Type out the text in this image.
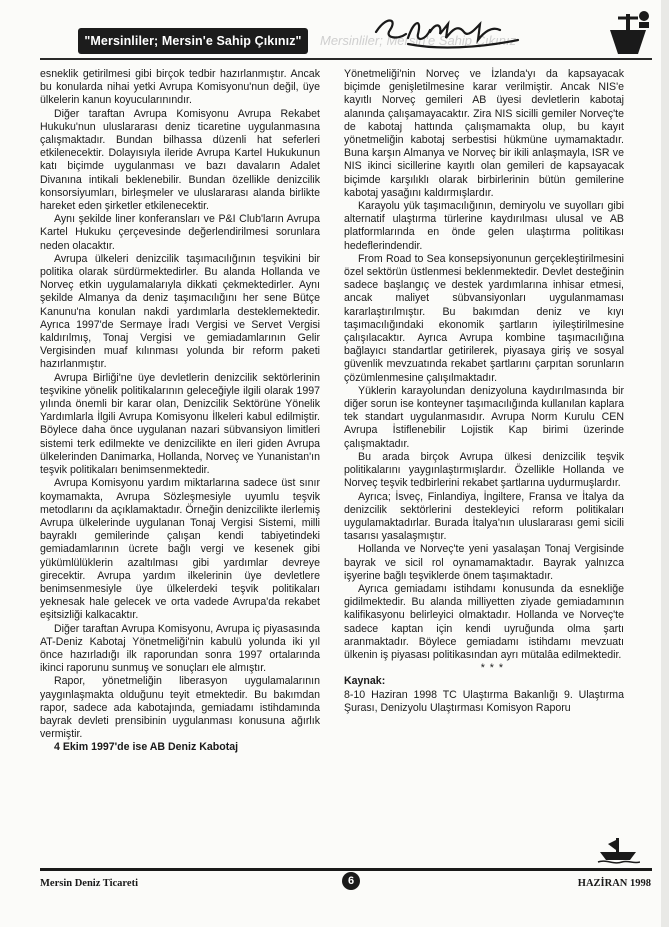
"Mersinliler; Mersin'e Sahip Çıkınız"	Mersinliler; Mersin'e Sahip Çıkınız

esneklik getirilmesi gibi birçok tedbir hazırlanmıştır. Ancak bu konularda nihai yetki Avrupa Komisyonu'nun değil, üye ülkelerin kanun koyucularınındır.

Diğer taraftan Avrupa Komisyonu Avrupa Rekabet Hukuku'nun uluslararası deniz ticaretine uygulanmasına çalışmaktadır. Bundan bilhassa düzenli hat seferleri etkilenecektir. Dolayısıyla ileride Avrupa Kartel Hukukunun katı biçimde uygulanması ve bazı davaların Adalet Divanına intikali beklenebilir. Bundan özellikle denizcilik konsorsiyumları, birleşmeler ve uluslararası alanda birlikte hareket eden şirketler etkilenecektir.

Aynı şekilde liner konferansları ve P&I Club'ların Avrupa Kartel Hukuku çerçevesinde değerlendirilmesi sorunlara neden olacaktır.

Avrupa ülkeleri denizcilik taşımacılığının teşvikini bir politika olarak sürdürmektedirler. Bu alanda Hollanda ve Norveç etkin uygulamalarıyla dikkati çekmektedirler. Aynı şekilde Almanya da deniz taşımacılığını her sene Bütçe Kanunu'na konulan nakdi yardımlarla desteklemektedir. Ayrıca 1997'de Sermaye İradı Vergisi ve Servet Vergisi kaldırılmış, Tonaj Vergisi ve gemiadamlarının Gelir Vergisinden muaf kılınması yolunda bir reform paketi hazırlanmıştır.

Avrupa Birliği'ne üye devletlerin denizcilik sektörlerinin teşvikine yönelik politikalarının geleceğiyle ilgili olarak 1997 yılında önemli bir karar olan, Denizcilik Sektörüne Yönelik Yardımlarla İlgili Avrupa Komisyonu İlkeleri kabul edilmiştir. Böylece daha önce uygulanan nazari sübvansiyon limitleri sistemi terk edilmekte ve denizcilikte en ileri giden Avrupa ülkelerinden Danimarka, Hollanda, Norveç ve Yunanistan'ın teşvik politikaları benimsenmektedir.

Avrupa Komisyonu yardım miktarlarına sadece üst sınır koymamakta, Avrupa Sözleşmesiyle uyumlu teşvik metodlarını da açıklamaktadır. Örneğin denizcilikte ilerlemiş Avrupa ülkelerinde uygulanan Tonaj Vergisi Sistemi, milli bayraklı gemilerinde çalışan kendi tabiyetindeki gemiadamlarının ücrete bağlı vergi ve kesenek gibi yükümlülüklerin azaltılması gibi yardımlar devreye girecektir. Avrupa yardım ilkelerinin üye devletlere benimsenmesiyle üye ülkelerdeki teşvik politikaları yeknesak hale gelecek ve orta vadede Avrupa'da rekabet eşitsizliği kalkacaktır.

Diğer taraftan Avrupa Komisyonu, Avrupa iç piyasasında AT-Deniz Kabotaj Yönetmeliği'nin kabulü yolunda iki yıl önce hazırladığı ilk raporundan sonra 1997 ortalarında ikinci raporunu sunmuş ve sonuçları ele almıştır.

Rapor, yönetmeliğin liberasyon uygulamalarının yaygınlaşmakta olduğunu teyit etmektedir. Bu bakımdan rapor, sadece ada kabotajında, gemiadamı istihdamında bayrak devleti prensibinin uygulanması konusuna ağırlık vermiştir.

4 Ekim 1997'de ise AB Deniz Kabotaj

Yönetmeliği'nin Norveç ve İzlanda'yı da kapsayacak biçimde genişletilmesine karar verilmiştir. Ancak NIS'e kayıtlı Norveç gemileri AB üyesi devletlerin kabotaj alanında çalışamayacaktır. Zira NIS sicilli gemiler Norveç'te de kabotaj hattında çalışmamakta olup, bu kayıt yönetmeliğin kabotaj serbestisi hükmüne uymamaktadır. Buna karşın Almanya ve Norveç bir ikili anlaşmayla, ISR ve NIS ikinci sicillerine kayıtlı olan gemileri de kapsayacak biçimde karşılıklı olarak birbirlerinin bütün gemilerine kabotaj yasağını kaldırmışlardır.

Karayolu yük taşımacılığının, demiryolu ve suyolları gibi alternatif ulaştırma türlerine kaydırılması ulusal ve AB platformlarında en önde gelen ulaştırma politikası hedeflerindendir.

From Road to Sea konsepsiyonunun gerçekleştirilmesini özel sektörün üstlenmesi beklenmektedir. Devlet desteğinin sadece başlangıç ve destek yardımlarına inhisar etmesi, ancak maliyet sübvansiyonları uygulanmaması kararlaştırılmıştır. Bu bakımdan deniz ve kıyı taşımacılığındaki ekonomik şartların iyileştirilmesine çalışılacaktır. Ayrıca Avrupa kombine taşımacılığına bağlayıcı standartlar getirilerek, piyasaya giriş ve sosyal güvenlik mevzuatında rekabet şartlarını çarpıtan sorunların çözümlenmesine çalışılmaktadır.

Yüklerin karayolundan denizyoluna kaydırılmasında bir diğer sorun ise konteyner taşımacılığında kullanılan kaplara tek standart uygulanmasıdır. Avrupa Norm Kurulu CEN Avrupa İstiflenebilir Lojistik Kap birimi üzerinde çalışmaktadır.

Bu arada birçok Avrupa ülkesi denizcilik teşvik politikalarını yaygınlaştırmışlardır. Özellikle Hollanda ve Norveç teşvik tedbirlerini rekabet şartlarına uydurmuşlardır.

Ayrıca; İsveç, Finlandiya, İngiltere, Fransa ve İtalya da denizcilik sektörlerini destekleyici reform politikaları uygulamaktadırlar. Burada İtalya'nın uluslararası gemi sicili tasarısı yasalaşmıştır.

Hollanda ve Norveç'te yeni yasalaşan Tonaj Vergisinde bayrak ve sicil rol oynamamaktadır. Bayrak yalnızca işyerine bağlı teşviklerde önem taşımaktadır.

Ayrıca gemiadamı istihdamı konusunda da esnekliğe gidilmektedir. Bu alanda milliyetten ziyade gemiadamının kalifikasyonu belirleyici olmaktadır. Hollanda ve Norveç'te sadece kaptan için kendi uyruğunda olma şartı aranmaktadır. Böylece gemiadamı istihdamı mevzuatı ülkenin iş piyasası politikasından ayrı mütalâa edilmektedir.

* * *

Kaynak:

8-10 Haziran 1998 TC Ulaştırma Bakanlığı 9. Ulaştırma Şurası, Denizyolu Ulaştırması Komisyon Raporu

Mersin Deniz Ticareti	6	HAZİRAN 1998
